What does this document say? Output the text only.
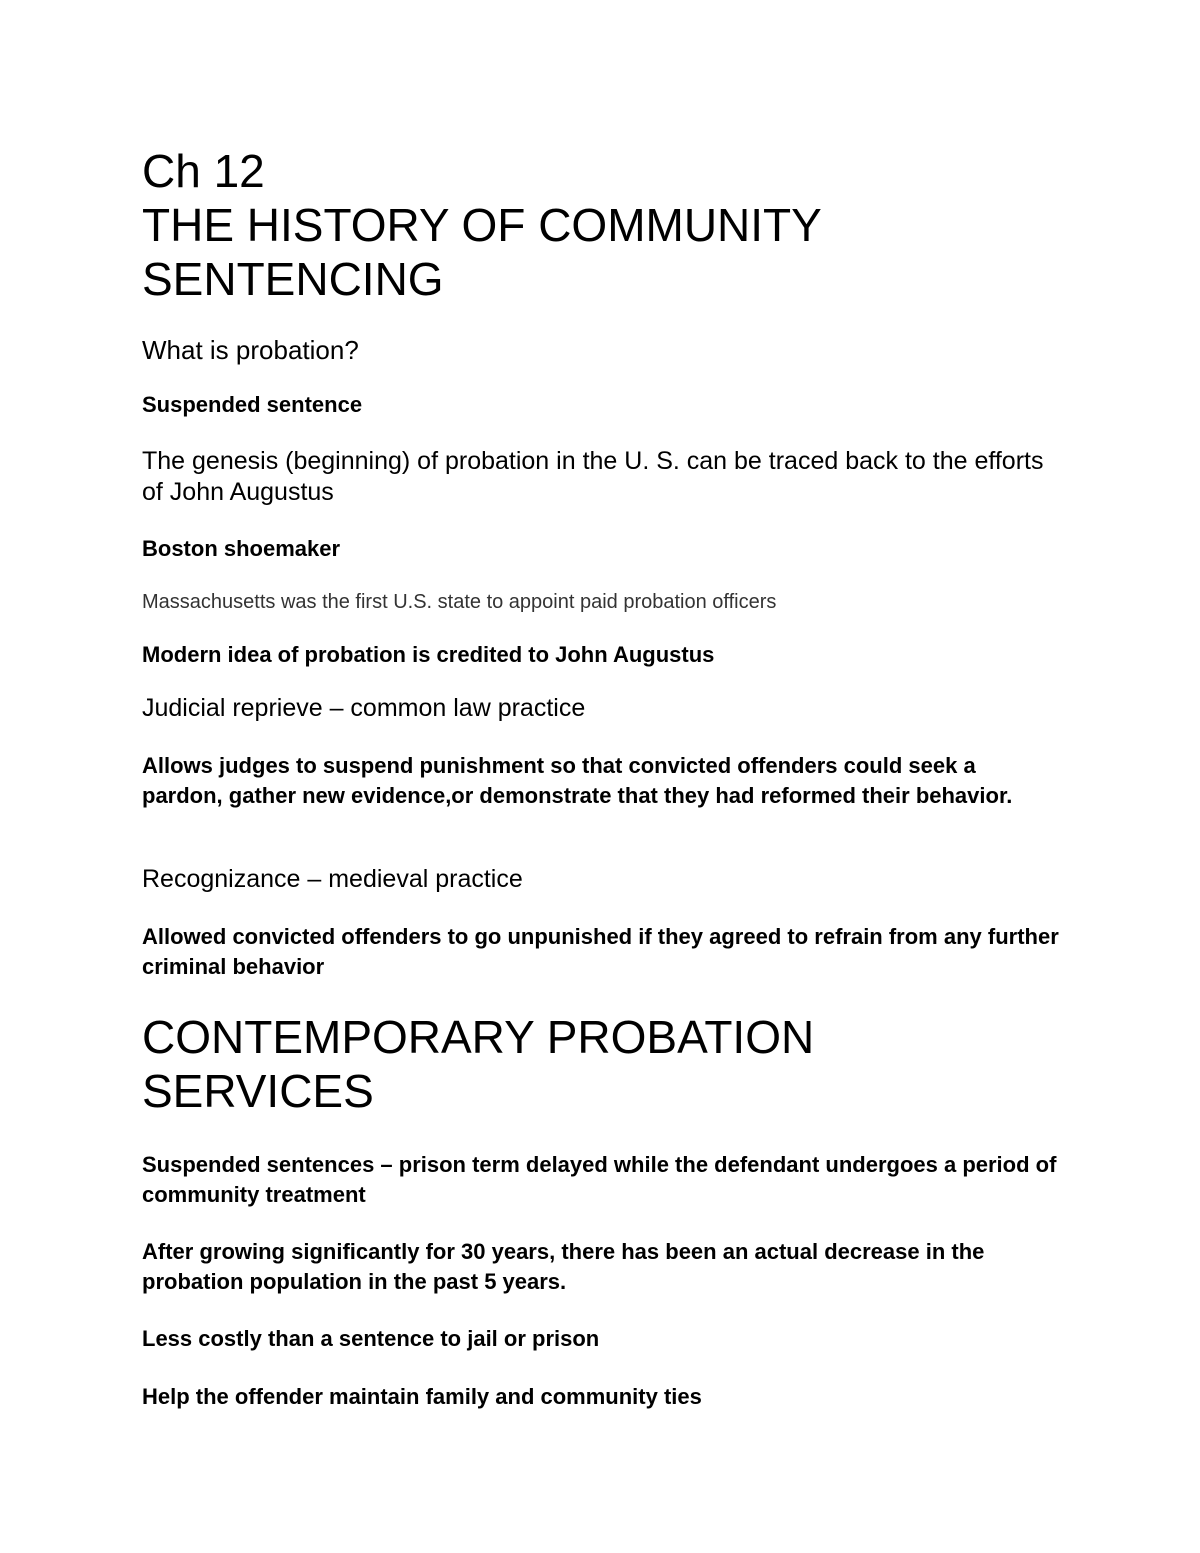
Ch 12
THE HISTORY OF COMMUNITY
SENTENCING

What is probation?

Suspended sentence

The genesis (beginning) of probation in the U. S. can be traced back to the efforts of John Augustus

Boston shoemaker

Massachusetts was the first U.S. state to appoint paid probation officers

Modern idea of probation is credited to John Augustus

Judicial reprieve – common law practice

Allows judges to suspend punishment so that convicted offenders could seek a pardon, gather new evidence,or demonstrate that they had reformed their behavior.

Recognizance – medieval practice

Allowed convicted offenders to go unpunished if they agreed to refrain from any further criminal behavior

CONTEMPORARY PROBATION
SERVICES

Suspended sentences – prison term delayed while the defendant undergoes a period of community treatment

After growing significantly for 30 years, there has been an actual decrease in the probation population in the past 5 years.

Less costly than a sentence to jail or prison

Help the offender maintain family and community ties
